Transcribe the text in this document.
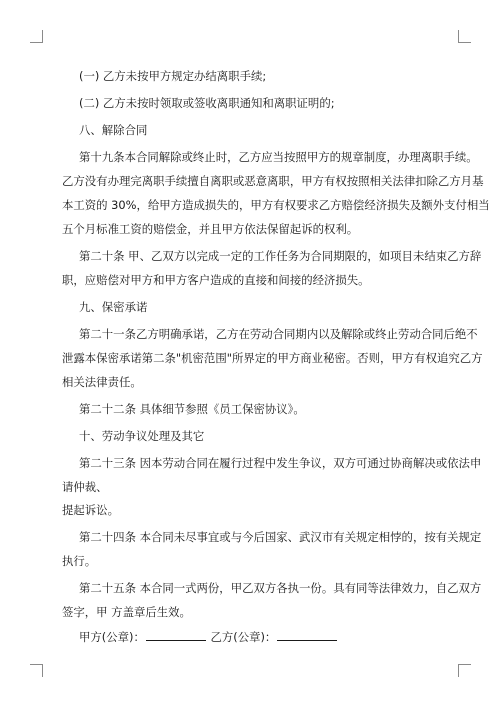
(一) 乙方未按甲方规定办结离职手续;
(二) 乙方未按时领取或签收离职通知和离职证明的;
八、解除合同
第十九条本合同解除或终止时，乙方应当按照甲方的规章制度，办理离职手续。
乙方没有办理完离职手续擅自离职或恶意离职，甲方有权按照相关法律扣除乙方月基
本工资的 30%，给甲方造成损失的，甲方有权要求乙方赔偿经济损失及额外支付相当
五个月标准工资的赔偿金，并且甲方依法保留起诉的权利。
第二十条 甲、乙双方以完成一定的工作任务为合同期限的，如项目未结束乙方辞
职，应赔偿对甲方和甲方客户造成的直接和间接的经济损失。
九、保密承诺
第二十一条乙方明确承诺，乙方在劳动合同期内以及解除或终止劳动合同后绝不
泄露本保密承诺第二条"机密范围"所界定的甲方商业秘密。否则，甲方有权追究乙方
相关法律责任。
第二十二条 具体细节参照《员工保密协议》。
十、劳动争议处理及其它
第二十三条 因本劳动合同在履行过程中发生争议，双方可通过协商解决或依法申
请仲裁、
提起诉讼。
第二十四条 本合同未尽事宜或与今后国家、武汉市有关规定相悖的，按有关规定
执行。
第二十五条 本合同一式两份，甲乙双方各执一份。具有同等法律效力，自乙双方
签字，甲 方盖章后生效。
甲方(公章)：	乙方(公章)：
